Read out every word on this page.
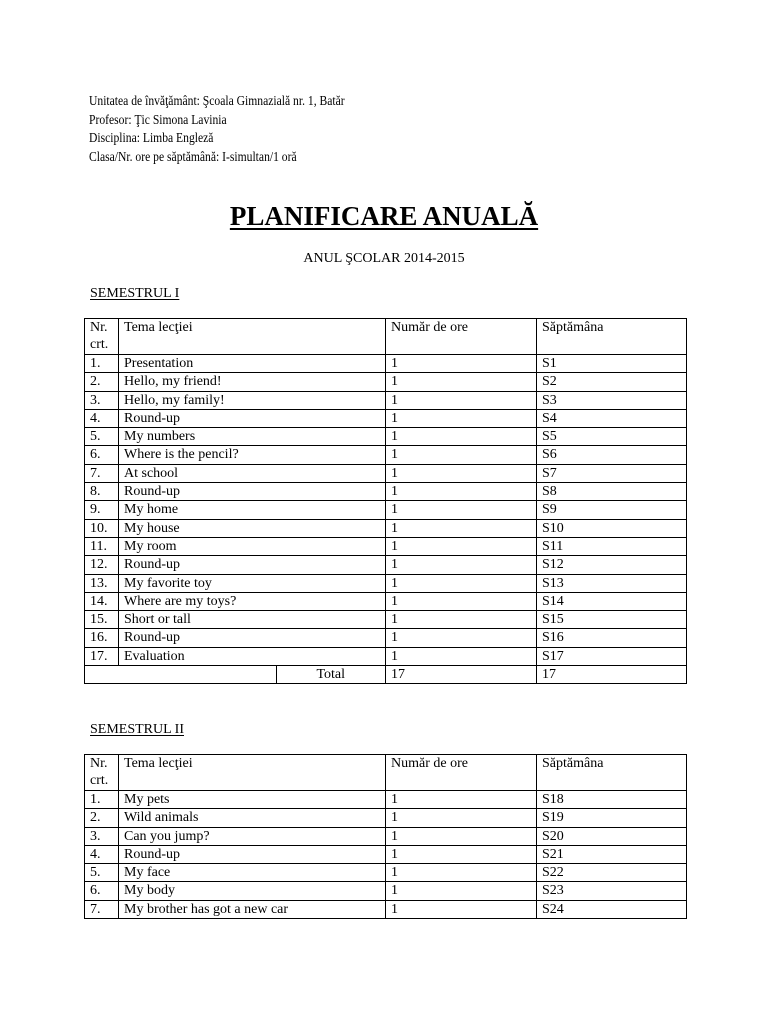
Unitatea de învăţământ: Şcoala Gimnazială nr. 1, Batăr
Profesor: Ţic Simona Lavinia
Disciplina: Limba Engleză
Clasa/Nr. ore pe săptămână: I-simultan/1 oră
PLANIFICARE ANUALĂ
ANUL ŞCOLAR 2014-2015
SEMESTRUL I
Nr. crt.	Tema lecţiei	Număr de ore	Săptămâna
1.	Presentation	1	S1
2.	Hello, my friend!	1	S2
3.	Hello, my family!	1	S3
4.	Round-up	1	S4
5.	My numbers	1	S5
6.	Where is the pencil?	1	S6
7.	At school	1	S7
8.	Round-up	1	S8
9.	My home	1	S9
10.	My house	1	S10
11.	My room	1	S11
12.	Round-up	1	S12
13.	My favorite toy	1	S13
14.	Where are my toys?	1	S14
15.	Short or tall	1	S15
16.	Round-up	1	S16
17.	Evaluation	1	S17

	Total	17	17
SEMESTRUL II
Nr. crt.	Tema lecţiei	Număr de ore	Săptămâna
1.	My pets	1	S18
2.	Wild animals	1	S19
3.	Can you jump?	1	S20
4.	Round-up	1	S21
5.	My face	1	S22
6.	My body	1	S23
7.	My brother has got a new car	1	S24
